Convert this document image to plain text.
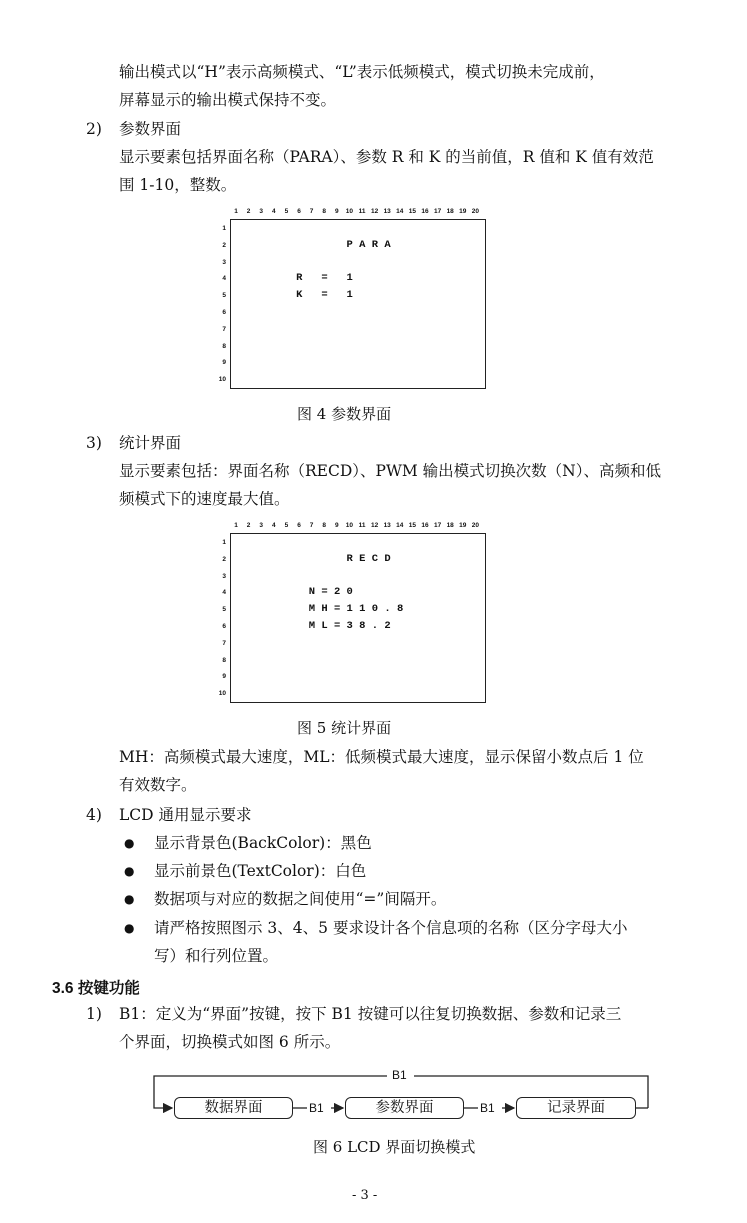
输出模式以“H”表示高频模式、“L”表示低频模式，模式切换未完成前，
屏幕显示的输出模式保持不变。
2) 参数界面
显示要素包括界面名称（PARA）、参数 R 和 K 的当前值，R 值和 K 值有效范
围 1-10，整数。
1	2	3	4	5	6	7	8	9	10 11 12 13 14 15 16 17 18 19 20
1
2
3
4
5
6
7
8
9
10
P A R A
R = 1
K = 1
图 4 参数界面
3) 统计界面
显示要素包括：界面名称（RECD）、PWM 输出模式切换次数（N）、高频和低
频模式下的速度最大值。
1	2	3	4	5	6	7	8	9	10 11 12 13 14 15 16 17 18 19 20
1
2
3
4
5
6
7
8
9
10
R E C D
N = 2 0
M H = 1 1 0 . 8
M L = 3 8 . 2
图 5 统计界面
MH：高频模式最大速度，ML：低频模式最大速度，显示保留小数点后 1 位
有效数字。
4) LCD 通用显示要求
● 显示背景色(BackColor)：黑色
● 显示前景色(TextColor)：白色
● 数据项与对应的数据之间使用“=”间隔开。
● 请严格按照图示 3、4、5 要求设计各个信息项的名称（区分字母大小
写）和行列位置。
3.6 按键功能
1) B1：定义为“界面”按键，按下 B1 按键可以往复切换数据、参数和记录三
个界面，切换模式如图 6 所示。
B1
B1	B1
数据界面	参数界面	记录界面
图 6 LCD 界面切换模式
- 3 -
